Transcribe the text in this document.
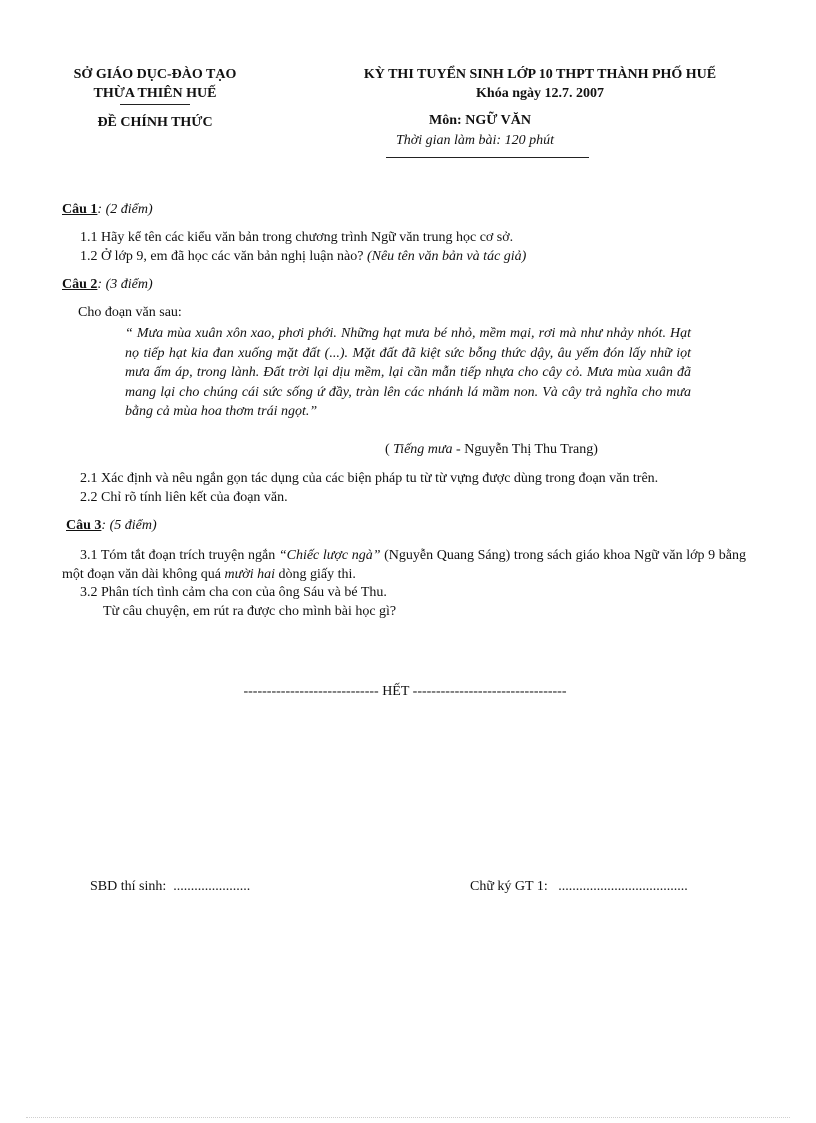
SỞ GIÁO DỤC-ĐÀO TẠO
THỪA THIÊN HUẾ
ĐỀ CHÍNH THỨC
KỲ THI TUYỂN SINH LỚP 10 THPT THÀNH PHỐ HUẾ
Khóa ngày 12.7. 2007
Môn: NGỮ VĂN
Thời gian làm bài: 120 phút
Câu 1: (2 điểm)
1.1 Hãy kể tên các kiểu văn bản trong chương trình Ngữ văn trung học cơ sở.
1.2 Ở lớp 9, em đã học các văn bản nghị luận nào? (Nêu tên văn bản và tác giả)
Câu 2: (3 điểm)
Cho đoạn văn sau:
“ Mưa mùa xuân xôn xao, phơi phới. Những hạt mưa bé nhỏ, mềm mại, rơi mà như nhảy nhót. Hạt nọ tiếp hạt kia đan xuống mặt đất (...). Mặt đất đã kiệt sức bỗng thức dậy, âu yếm đón lấy nhữ iọt mưa ấm áp, trong lành. Đất trời lại dịu mềm, lại cần mẫn tiếp nhựa cho cây cỏ. Mưa mùa xuân đã mang lại cho chúng cái sức sống ứ đầy, tràn lên các nhánh lá mầm non. Và cây trả nghĩa cho mưa bằng cả mùa hoa thơm trái ngọt.”
( Tiếng mưa - Nguyễn Thị Thu Trang)
2.1 Xác định và nêu ngắn gọn tác dụng của các biện pháp tu từ từ vựng được dùng trong đoạn văn trên.
2.2 Chỉ rõ tính liên kết của đoạn văn.
Câu 3: (5 điểm)
3.1 Tóm tắt đoạn trích truyện ngắn “Chiếc lược ngà” (Nguyễn Quang Sáng) trong sách giáo khoa Ngữ văn lớp 9 bằng một đoạn văn dài không quá mười hai dòng giấy thi.
3.2 Phân tích tình cảm cha con của ông Sáu và bé Thu.
Từ câu chuyện, em rút ra được cho mình bài học gì?
----------------------------- HẾT ---------------------------------
SBD thí sinh: ......................	Chữ ký GT 1: .....................................
